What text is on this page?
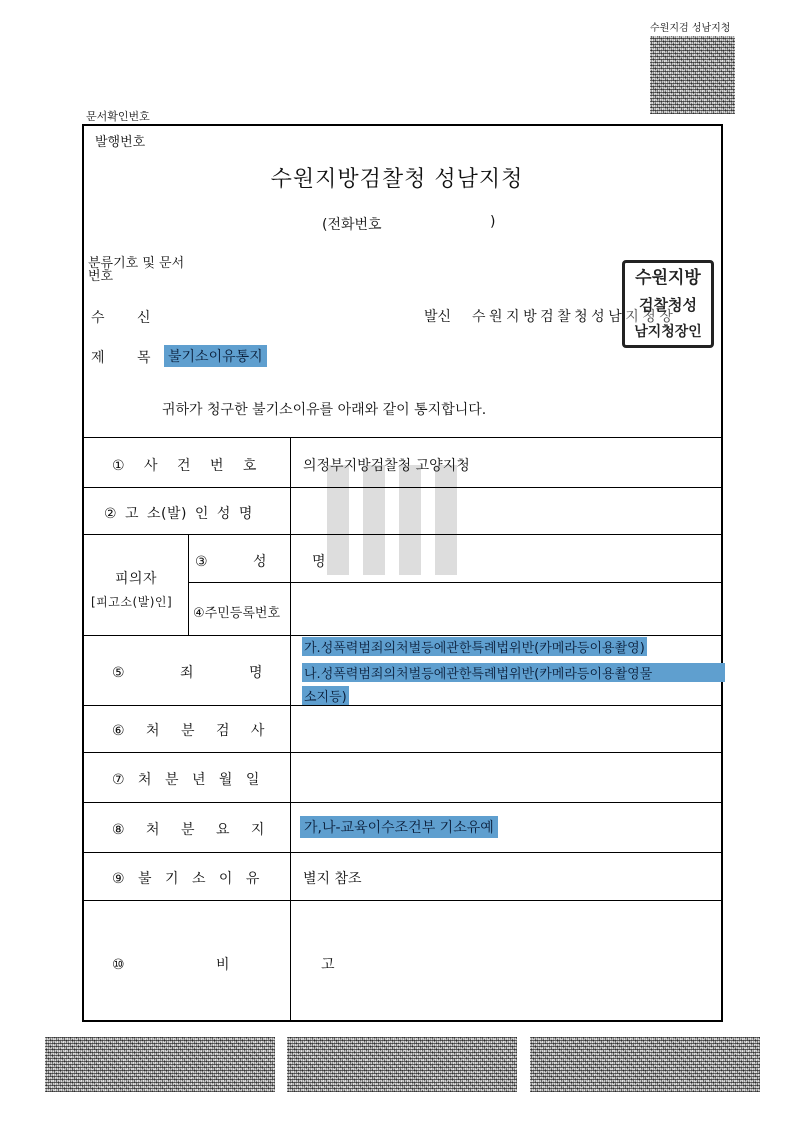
수원지검 성남지청
문서확인번호
발행번호
수원지방검찰청 성남지청
(전화번호	)
분류기호 및 문서번호
수 신	발신 수원지방검찰청성남지청장
수원지방
검찰청성
남지청장인
제 목 불기소이유통지
귀하가 청구한 불기소이유를 아래와 같이 통지합니다.
① 사 건 번 호	의정부지방검찰청 고양지청
② 고 소(발) 인 성 명
피의자
[피고소(발)인]
③ 성 명
④주민등록번호
⑤ 죄 명
가.성폭력범죄의처벌등에관한특례법위반(카메라등이용촬영)
나.성폭력범죄의처벌등에관한특례법위반(카메라등이용촬영물
소지등)
⑥ 처 분 검 사
⑦ 처 분 년 월 일
⑧ 처 분 요 지	가,나-교육이수조건부 기소유예
⑨ 불 기 소 이 유	별지 참조
⑩ 비 고
